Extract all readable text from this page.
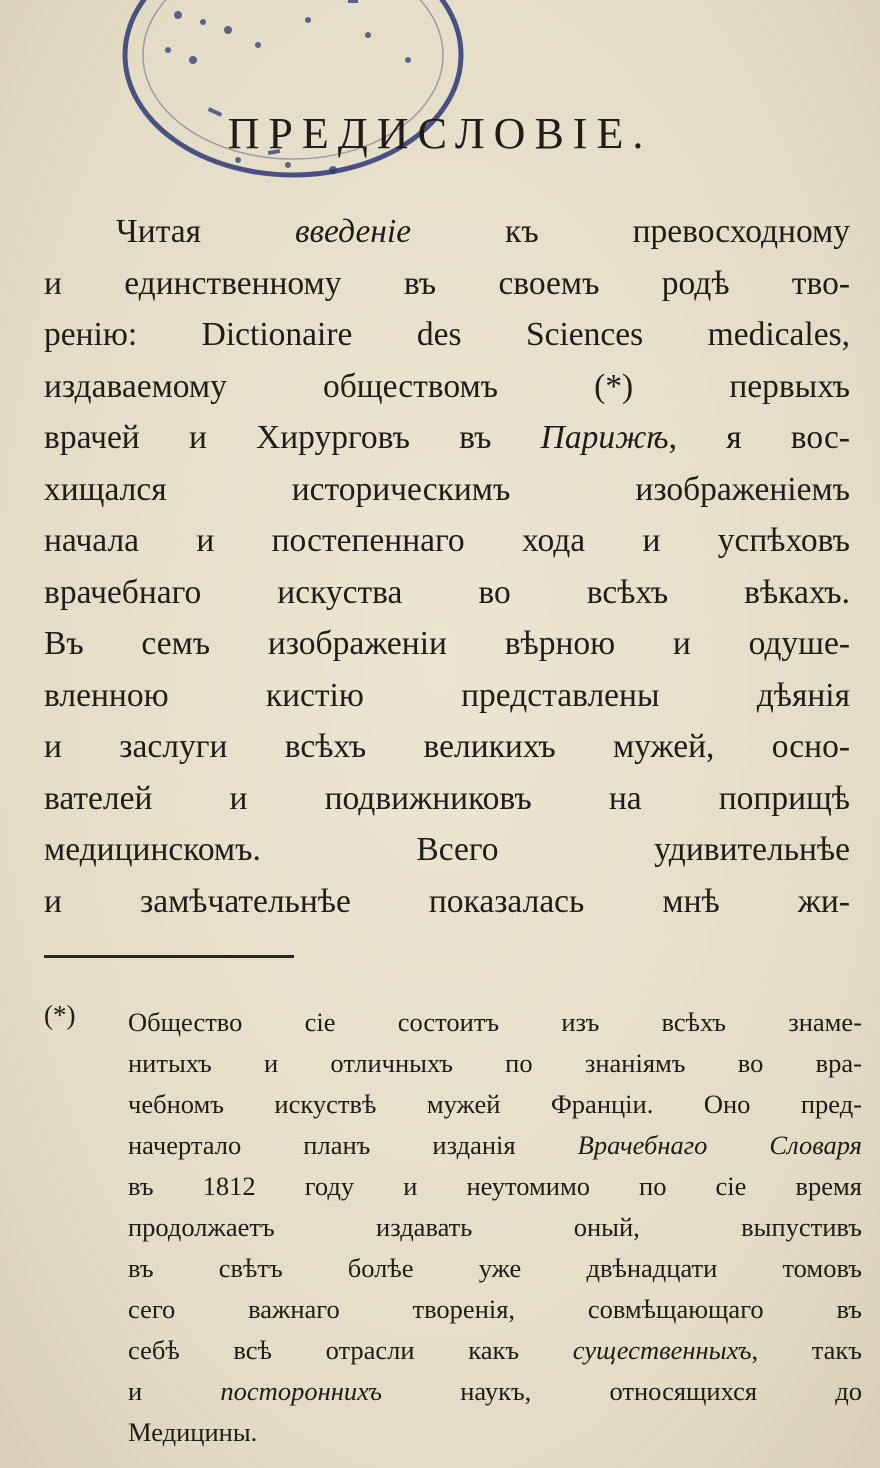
ПРЕДИСЛОВІЕ.
Читая	введеніе	къ превосходному
и единственному въ своемъ родѣ тво-
ренію: Dictionaire des Sciences medicales,
издаваемому обществомъ (*) первыхъ
врачей и Хирурговъ въ Парижѣ, я вос-
хищался историческимъ изображеніемъ
начала и постепеннаго хода и успѣховъ
врачебнаго искуства во всѣхъ вѣкахъ.
Въ семъ изображеніи вѣрною и одуше-
вленною кистію представлены дѣянія
и заслуги всѣхъ великихъ мужей, осно-
вателей и подвижниковъ на поприщѣ
медицинскомъ. Всего удивительнѣе
и замѣчательнѣе показалась мнѣ жи-
(*) Общество сіе состоитъ изъ всѣхъ знаме-
нитыхъ и отличныхъ по знаніямъ во вра-
чебномъ искуствѣ мужей Франціи. Оно пред-
начертало планъ изданія Врачебнаго Словаря
въ 1812 году и неутомимо по сіе время
продолжаетъ издавать оный, выпустивъ
въ свѣтъ болѣе уже двѣнадцати томовъ
сего важнаго творенія, совмѣщающаго въ
себѣ всѣ отрасли какъ существенныхъ, такъ
и	постороннихъ	наукъ, относящихся до
Медицины.
